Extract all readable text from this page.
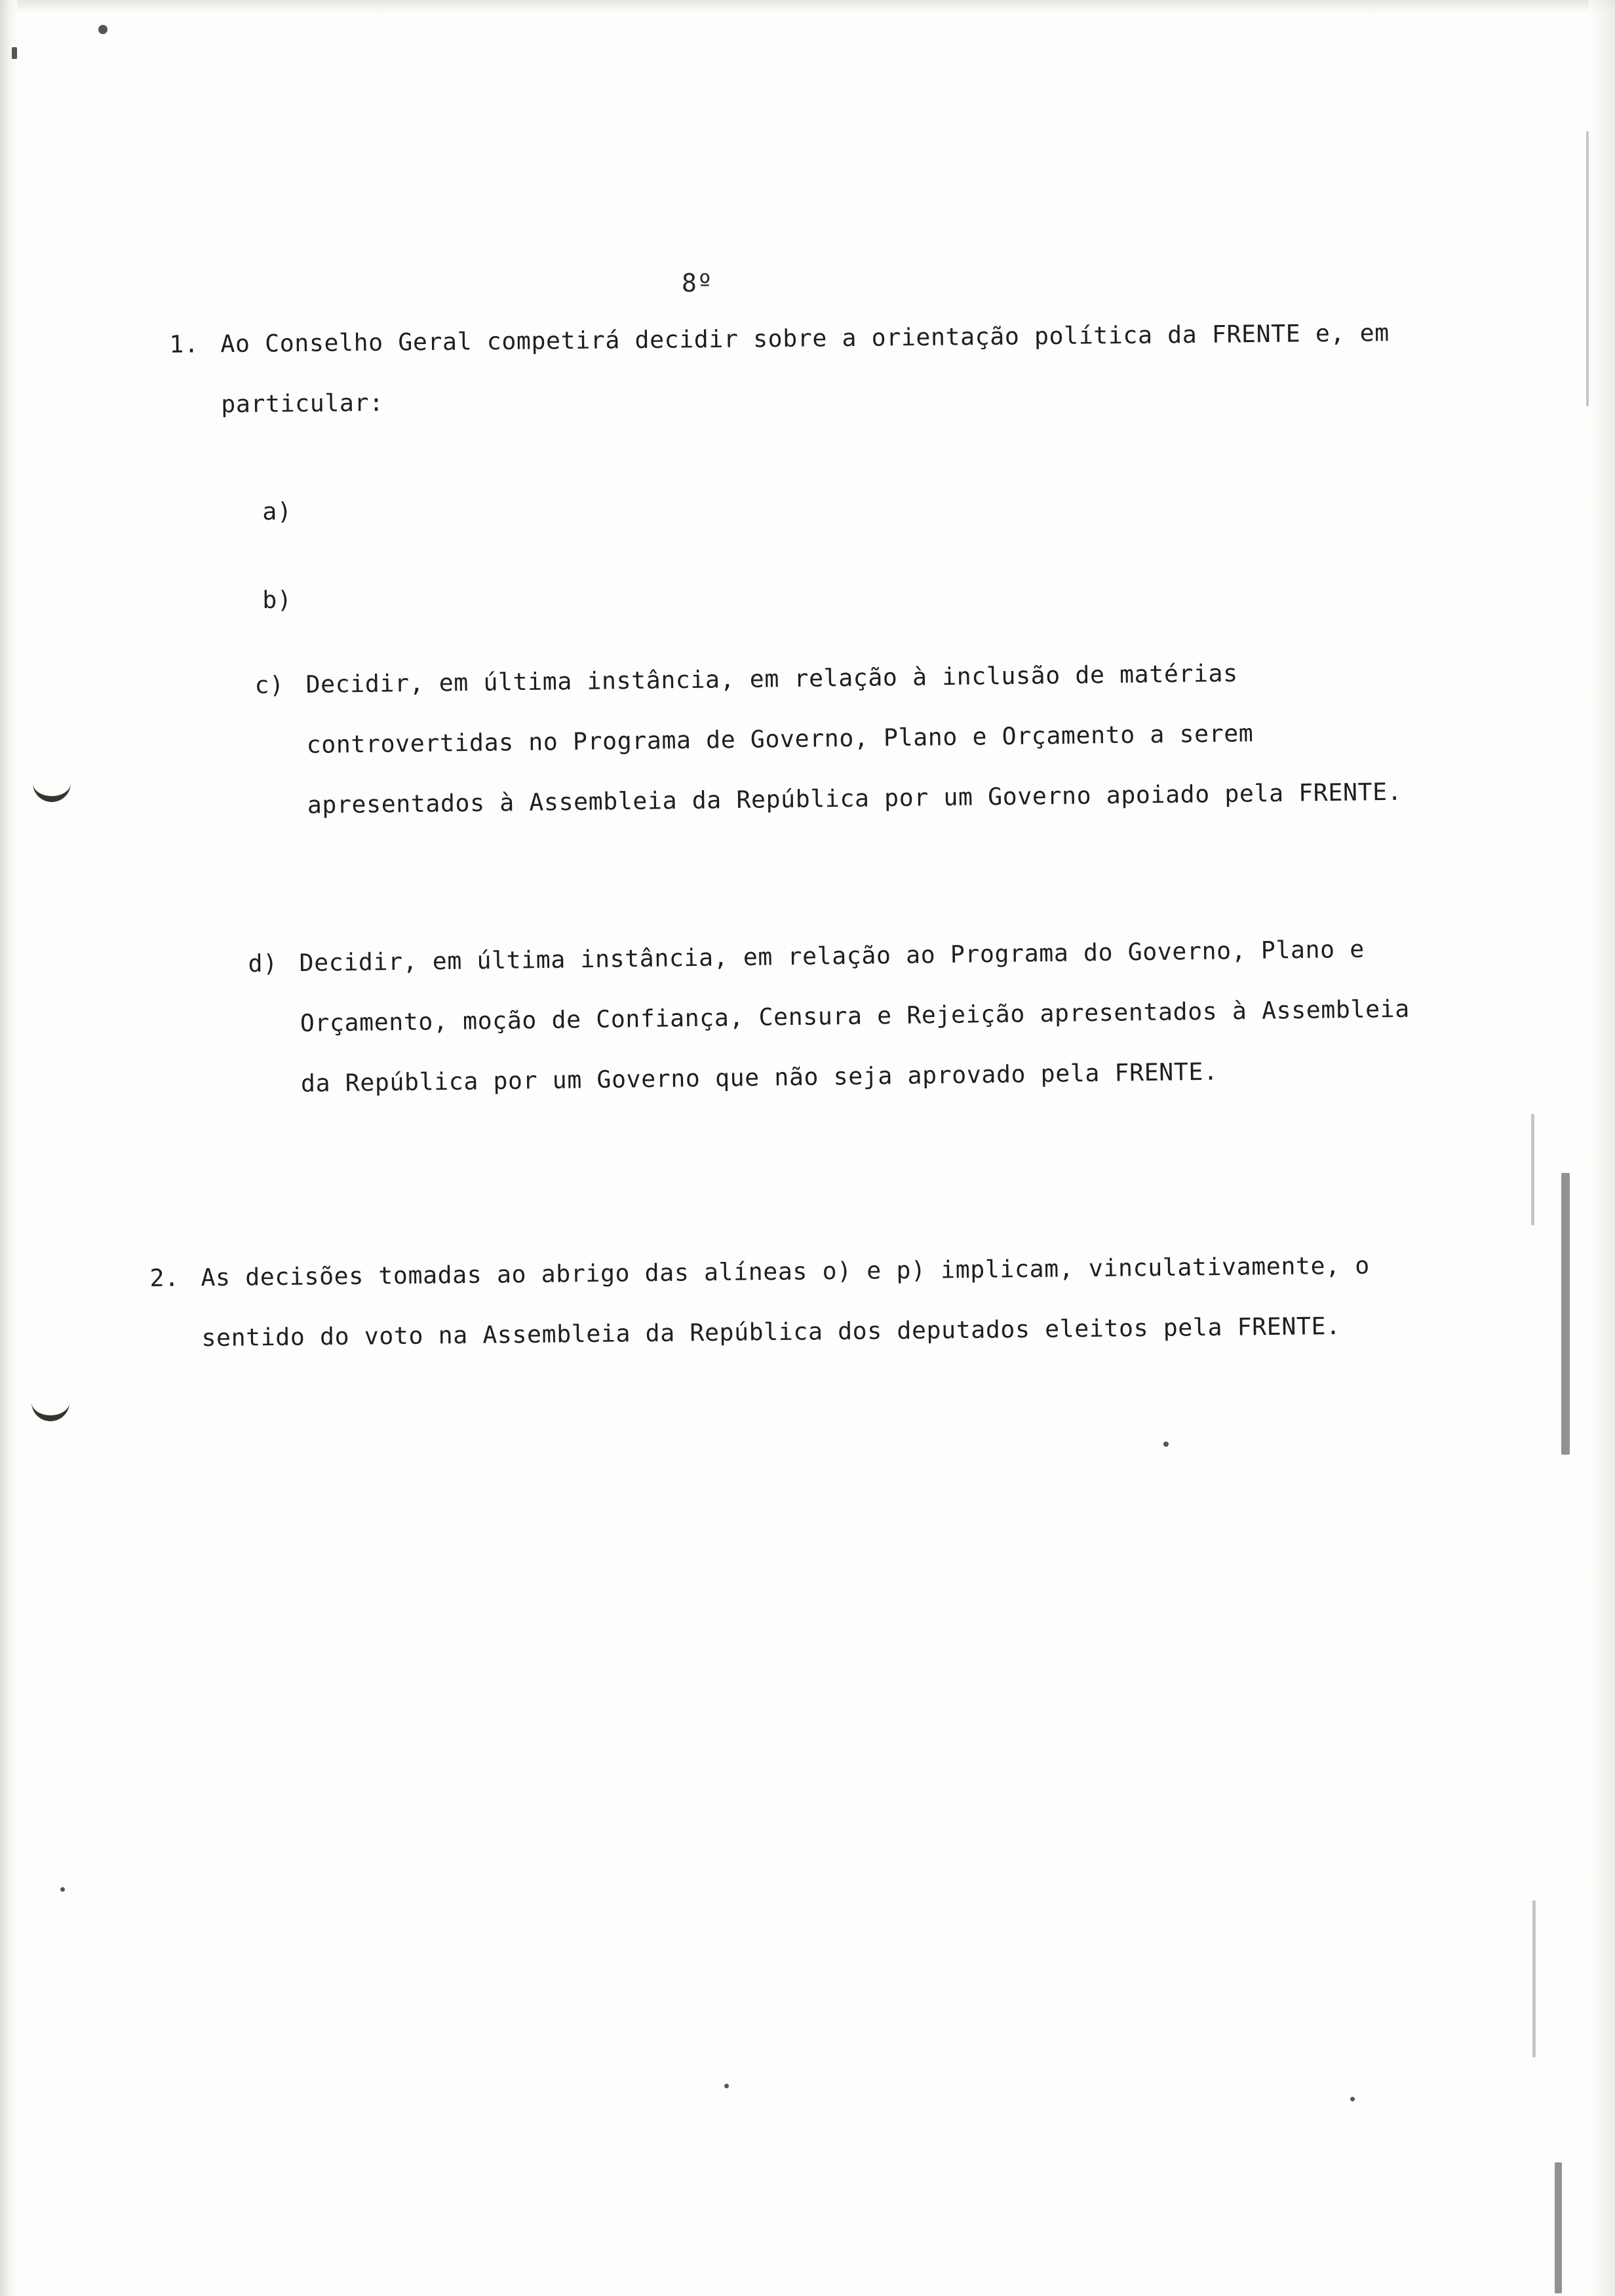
8º
1. Ao Conselho Geral competirá decidir sobre a orientação política da FRENTE e, em particular:
a)
b)
c) Decidir, em última instância, em relação à inclusão de matérias controvertidas no Programa de Governo, Plano e Orçamento a serem apresentados à Assembleia da República por um Governo apoiado pela FRENTE.
d) Decidir, em última instância, em relação ao Programa do Governo, Plano e Orçamento, moção de Confiança, Censura e Rejeição apresentados à Assembleia da República por um Governo que não seja aprovado pela FRENTE.
2. As decisões tomadas ao abrigo das alíneas o) e p) implicam, vinculativamente, o sentido do voto na Assembleia da República dos deputados eleitos pela FRENTE.
